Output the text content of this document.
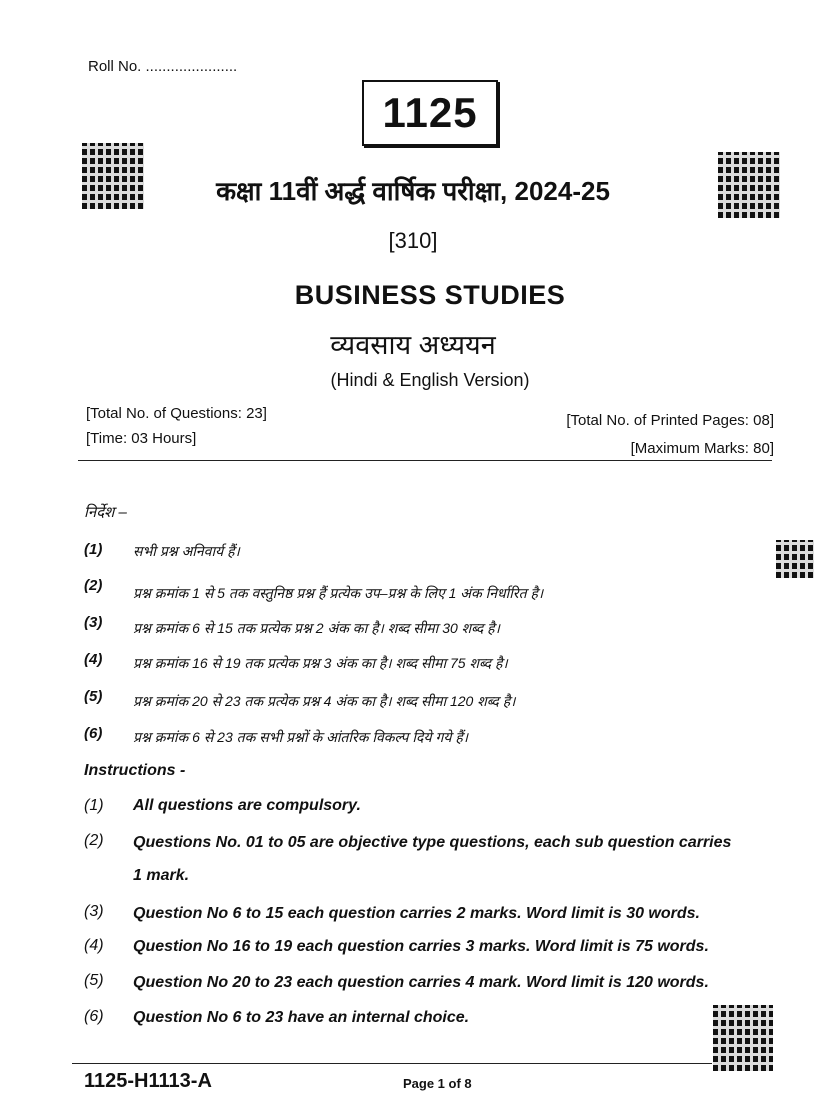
Roll No. ......................
1125
कक्षा 11वीं अर्द्ध वार्षिक परीक्षा, 2024-25
[310]
BUSINESS STUDIES
व्यवसाय अध्ययन
(Hindi & English Version)
[Total No. of Questions: 23]
[Time: 03 Hours]
[Total No. of Printed Pages: 08]
[Maximum Marks: 80]
निर्देश –
(1) सभी प्रश्न अनिवार्य हैं।
(2) प्रश्न क्रमांक 1 से 5 तक वस्तुनिष्ठ प्रश्न हैं प्रत्येक उप–प्रश्न के लिए 1 अंक निर्धारित है।
(3) प्रश्न क्रमांक 6 से 15 तक प्रत्येक प्रश्न 2 अंक का है। शब्द सीमा 30 शब्द है।
(4) प्रश्न क्रमांक 16 से 19 तक प्रत्येक प्रश्न 3 अंक का है। शब्द सीमा 75 शब्द है।
(5) प्रश्न क्रमांक 20 से 23 तक प्रत्येक प्रश्न 4 अंक का है। शब्द सीमा 120 शब्द है।
(6) प्रश्न क्रमांक 6 से 23 तक सभी प्रश्नों के आंतरिक विकल्प दिये गये हैं।
Instructions -
(1) All questions are compulsory.
(2) Questions No. 01 to 05 are objective type questions, each sub question carries
1 mark.
(3) Question No 6 to 15 each question carries 2 marks. Word limit is 30 words.
(4) Question No 16 to 19 each question carries 3 marks. Word limit is 75 words.
(5) Question No 20 to 23 each question carries 4 mark. Word limit is 120 words.
(6) Question No 6 to 23 have an internal choice.
1125-H1113-A	Page 1 of 8
